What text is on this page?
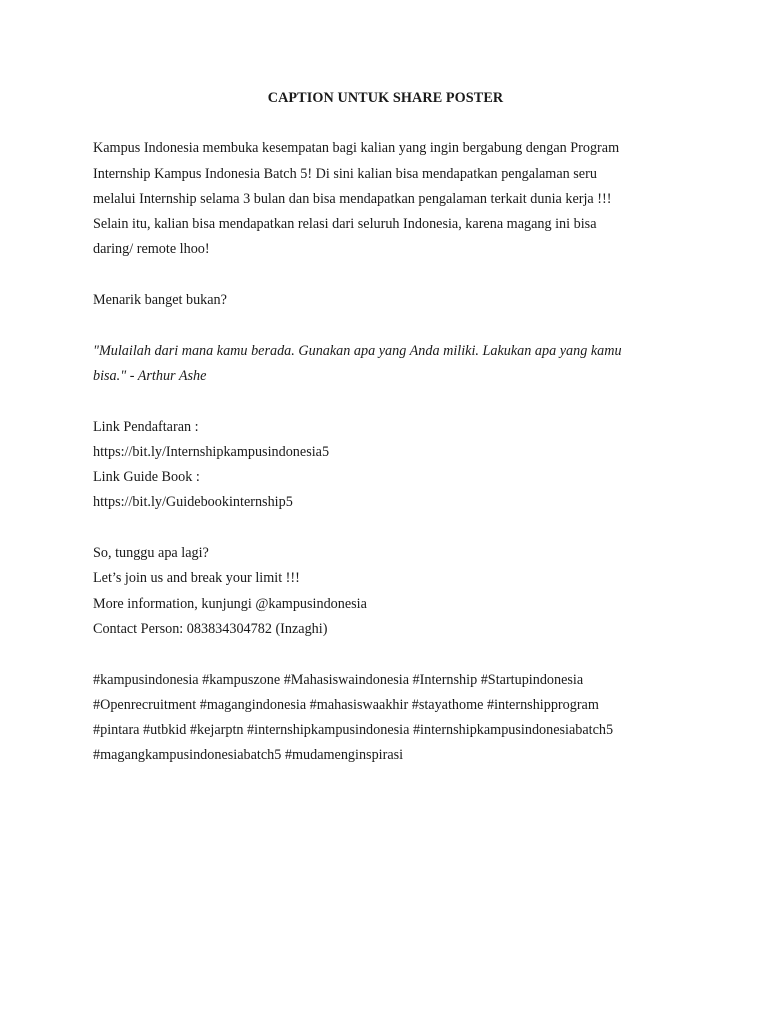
CAPTION UNTUK SHARE POSTER
Kampus Indonesia membuka kesempatan bagi kalian yang ingin bergabung dengan Program
Internship Kampus Indonesia Batch 5! Di sini kalian bisa mendapatkan pengalaman seru
melalui Internship selama 3 bulan dan bisa mendapatkan pengalaman terkait dunia kerja !!!
Selain itu, kalian bisa mendapatkan relasi dari seluruh Indonesia, karena magang ini bisa
daring/ remote lhoo!
Menarik banget bukan?
"Mulailah dari mana kamu berada. Gunakan apa yang Anda miliki. Lakukan apa yang kamu
bisa." - Arthur Ashe
Link Pendaftaran :
https://bit.ly/Internshipkampusindonesia5
Link Guide Book :
https://bit.ly/Guidebookinternship5
So, tunggu apa lagi?
Let’s join us and break your limit !!!
More information, kunjungi @kampusindonesia
Contact Person: 083834304782 (Inzaghi)
#kampusindonesia #kampuszone #Mahasiswaindonesia #Internship #Startupindonesia
#Openrecruitment #magangindonesia #mahasiswaakhir #stayathome #internshipprogram
#pintara #utbkid #kejarptn #internshipkampusindonesia #internshipkampusindonesiabatch5
#magangkampusindonesiabatch5 #mudamenginspirasi
